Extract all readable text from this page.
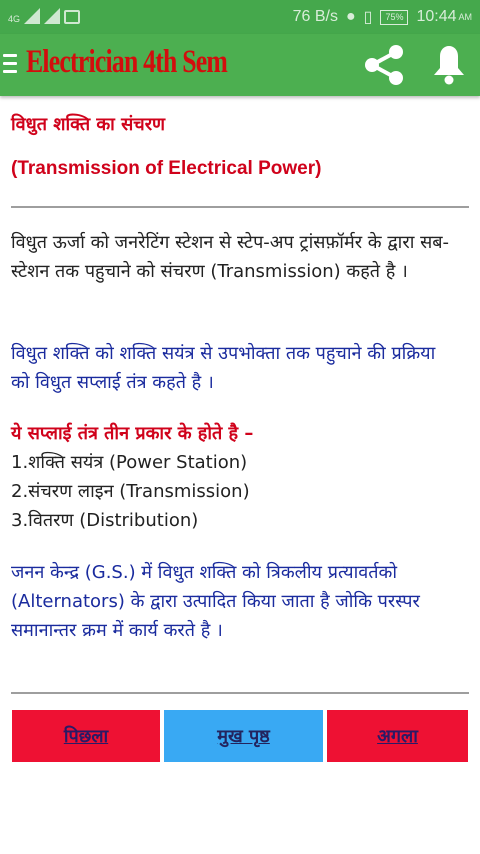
4G	76 B/s ● ▯	75% 10:44 AM
Electrician 4th Sem
विधुत शक्ति का संचरण
(Transmission of Electrical Power)
विधुत ऊर्जा को जनरेटिंग स्टेशन से स्टेप-अप ट्रांसफ़ॉर्मर के द्वारा सब-स्टेशन तक पहुचाने को संचरण (Transmission) कहते है ।
विधुत शक्ति को शक्ति सयंत्र से उपभोक्ता तक पहुचाने की प्रक्रिया को विधुत सप्लाई तंत्र कहते है ।
ये सप्लाई तंत्र तीन प्रकार के होते है –
1.शक्ति सयंत्र (Power Station)
2.संचरण लाइन (Transmission)
3.वितरण (Distribution)
जनन केन्द्र (G.S.) में विधुत शक्ति को त्रिकलीय प्रत्यावर्तको (Alternators) के द्वारा उत्पादित किया जाता है जोकि परस्पर समानान्तर क्रम में कार्य करते है ।
पिछला	मुख पृष्ठ	अगला
